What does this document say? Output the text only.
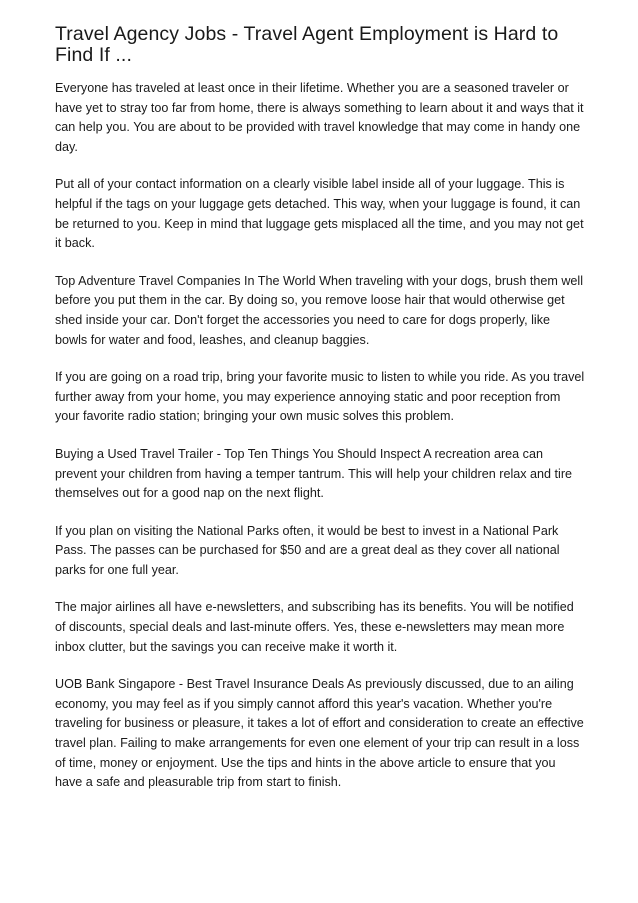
Travel Agency Jobs - Travel Agent Employment is Hard to Find If ...

Everyone has traveled at least once in their lifetime. Whether you are a seasoned traveler or have yet to stray too far from home, there is always something to learn about it and ways that it can help you. You are about to be provided with travel knowledge that may come in handy one day.

Put all of your contact information on a clearly visible label inside all of your luggage. This is helpful if the tags on your luggage gets detached. This way, when your luggage is found, it can be returned to you. Keep in mind that luggage gets misplaced all the time, and you may not get it back.

Top Adventure Travel Companies In The World When traveling with your dogs, brush them well before you put them in the car. By doing so, you remove loose hair that would otherwise get shed inside your car. Don't forget the accessories you need to care for dogs properly, like bowls for water and food, leashes, and cleanup baggies.

If you are going on a road trip, bring your favorite music to listen to while you ride. As you travel further away from your home, you may experience annoying static and poor reception from your favorite radio station; bringing your own music solves this problem.

Buying a Used Travel Trailer - Top Ten Things You Should Inspect A recreation area can prevent your children from having a temper tantrum. This will help your children relax and tire themselves out for a good nap on the next flight.

If you plan on visiting the National Parks often, it would be best to invest in a National Park Pass. The passes can be purchased for $50 and are a great deal as they cover all national parks for one full year.

The major airlines all have e-newsletters, and subscribing has its benefits. You will be notified of discounts, special deals and last-minute offers. Yes, these e-newsletters may mean more inbox clutter, but the savings you can receive make it worth it.

UOB Bank Singapore - Best Travel Insurance Deals As previously discussed, due to an ailing economy, you may feel as if you simply cannot afford this year's vacation. Whether you're traveling for business or pleasure, it takes a lot of effort and consideration to create an effective travel plan. Failing to make arrangements for even one element of your trip can result in a loss of time, money or enjoyment. Use the tips and hints in the above article to ensure that you have a safe and pleasurable trip from start to finish.
